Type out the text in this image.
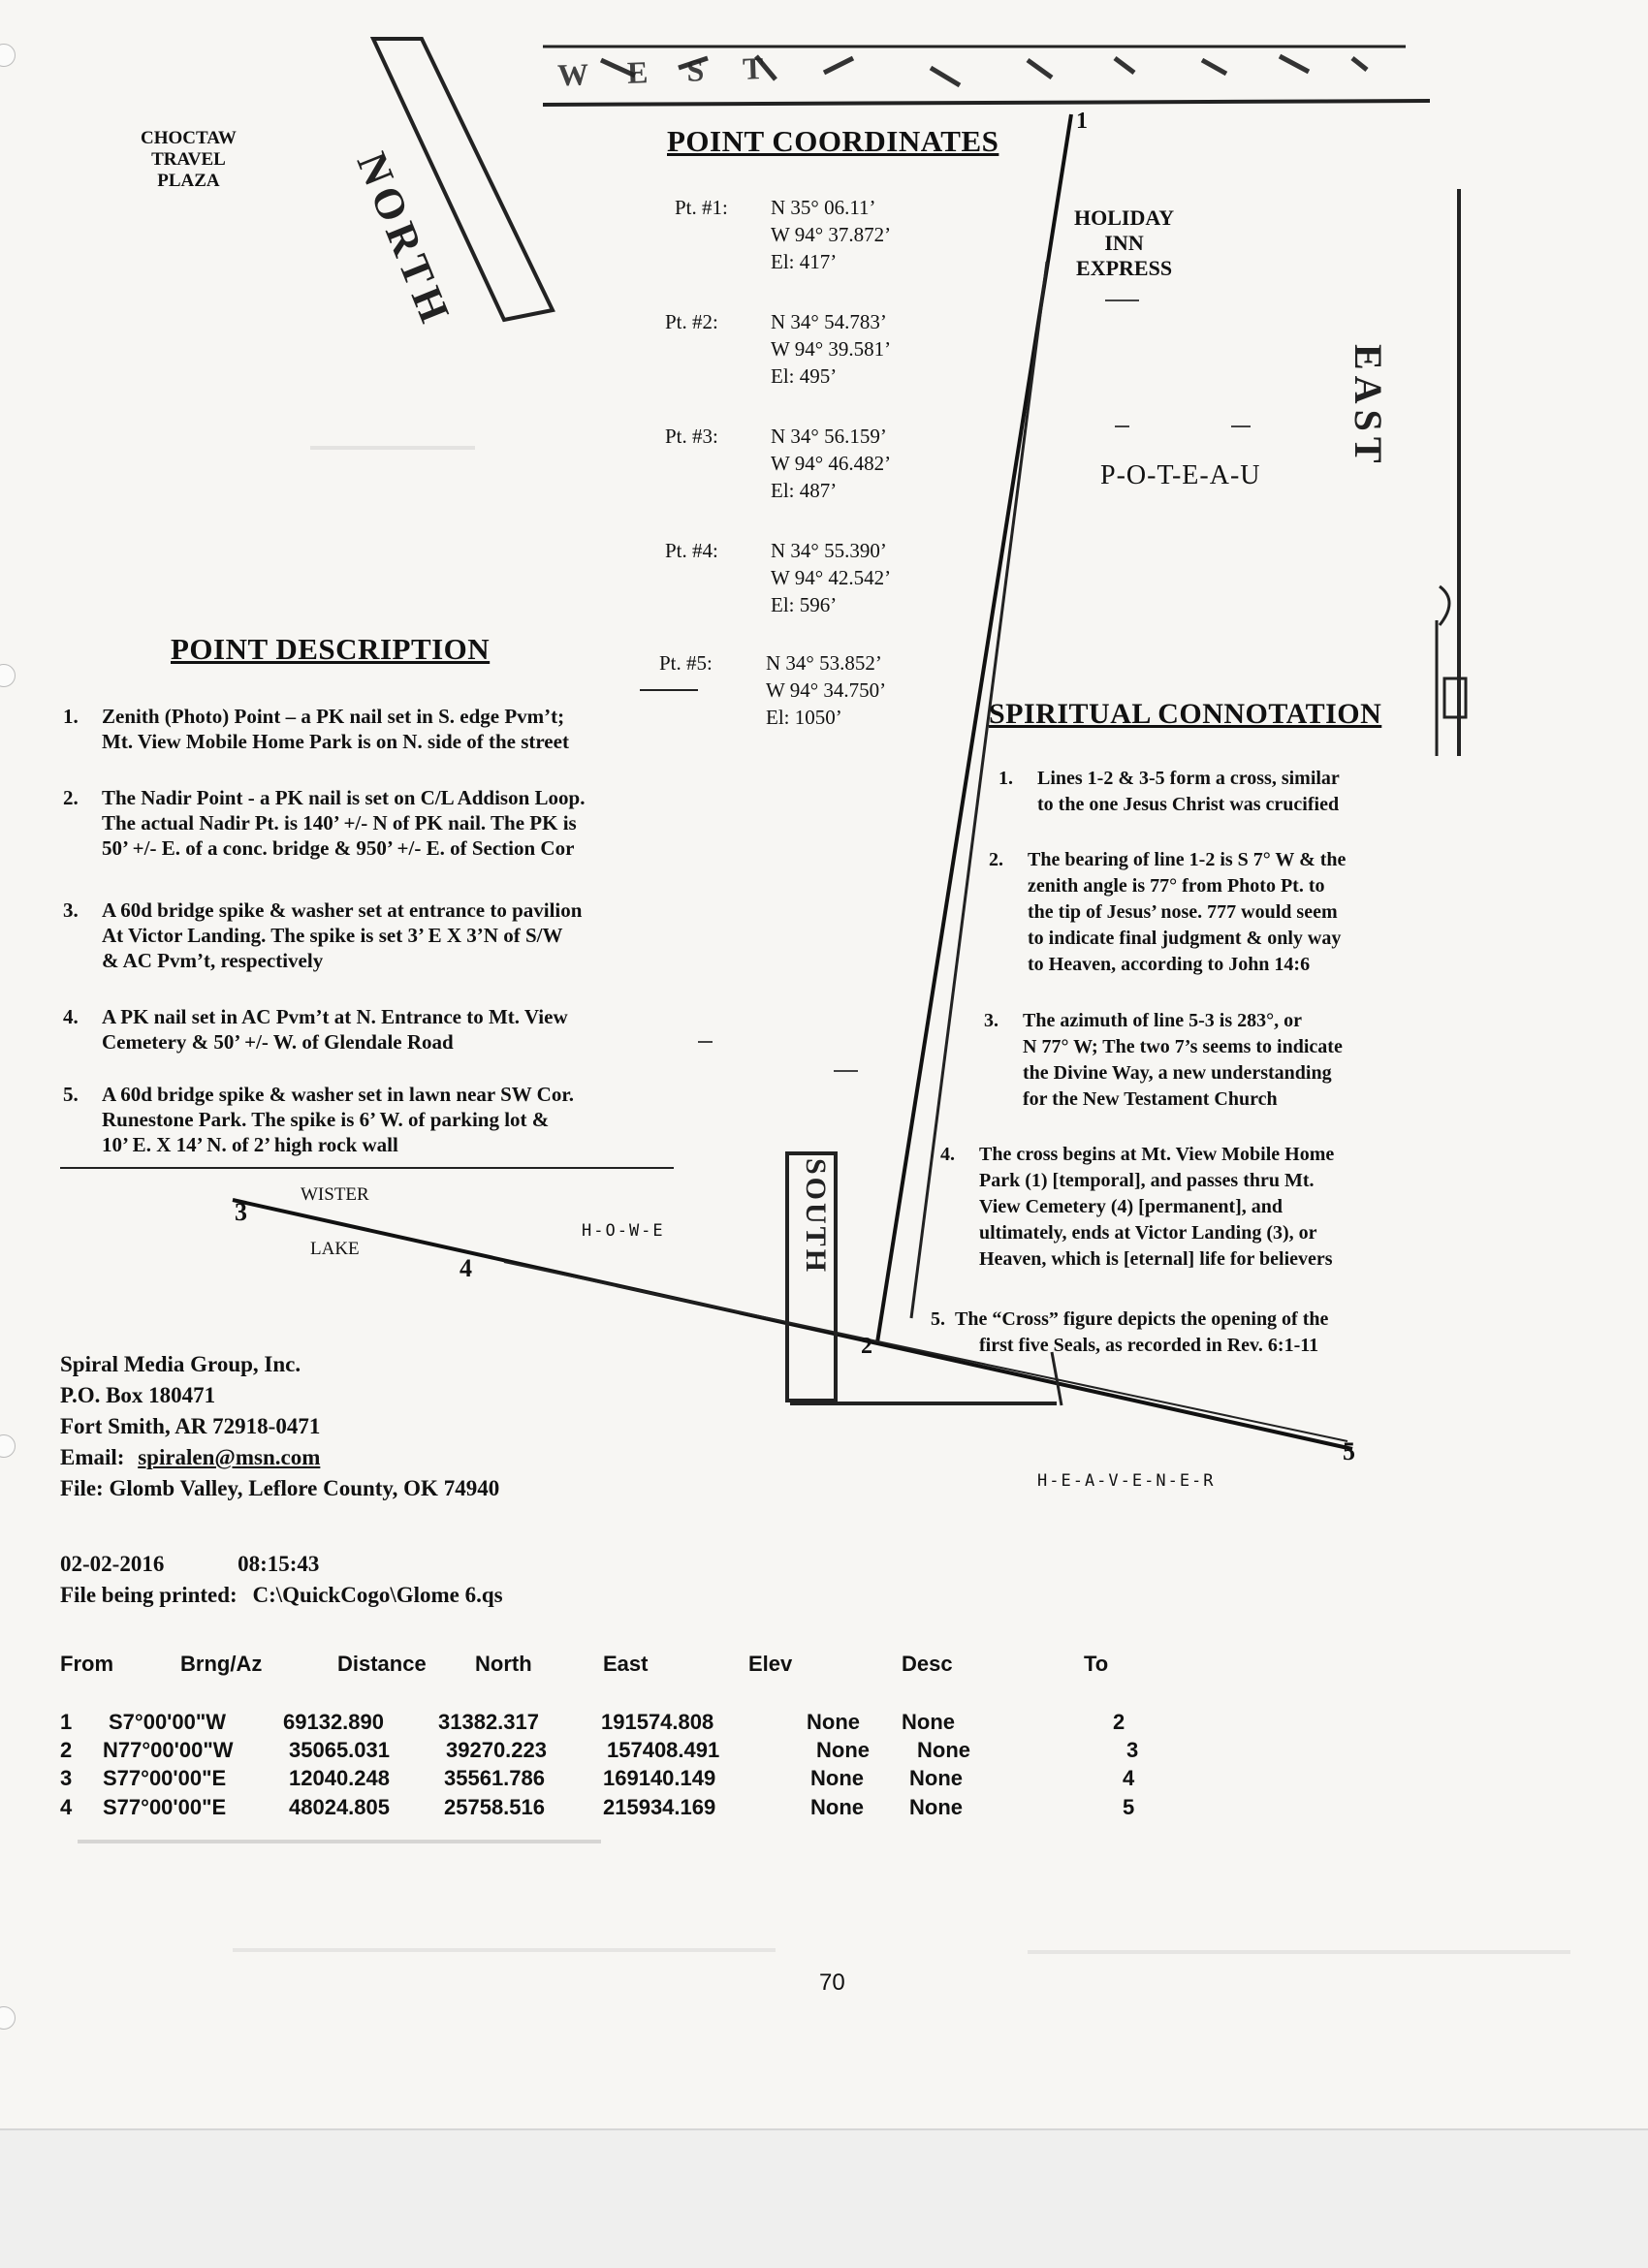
NORTH
EAST
SOUTH
WEST
CHOCTAW
TRAVEL
PLAZA
HOLIDAY
INN
EXPRESS
P-O-T-E-A-U
WISTER
LAKE
H-O-W-E
H-E-A-V-E-N-E-R
1
2
3
4
5
POINT COORDINATES
Pt. #1: N 35° 06.11’
W 94° 37.872’
El: 417’
Pt. #2:	N 34° 54.783’
W 94° 39.581’
El: 495’
Pt. #3:	N 34° 56.159’
W 94° 46.482’
El: 487’
Pt. #4:	N 34° 55.390’
W 94° 42.542’
El: 596’
Pt. #5:	N 34° 53.852’
W 94° 34.750’
El: 1050’
POINT DESCRIPTION
1. Zenith (Photo) Point – a PK nail set in S. edge Pvm’t;
Mt. View Mobile Home Park is on N. side of the street
2. The Nadir Point - a PK nail is set on C/L Addison Loop.
The actual Nadir Pt. is 140’ +/- N of PK nail. The PK is
50’ +/- E. of a conc. bridge & 950’ +/- E. of Section Cor
3. A 60d bridge spike & washer set at entrance to pavilion
At Victor Landing. The spike is set 3’ E X 3’N of S/W
& AC Pvm’t, respectively
4. A PK nail set in AC Pvm’t at N. Entrance to Mt. View
Cemetery & 50’ +/- W. of Glendale Road
5. A 60d bridge spike & washer set in lawn near SW Cor.
Runestone Park. The spike is 6’ W. of parking lot &
10’ E. X 14’ N. of 2’ high rock wall
SPIRITUAL CONNOTATION
1. Lines 1-2 & 3-5 form a cross, similar
to the one Jesus Christ was crucified
2. The bearing of line 1-2 is S 7° W & the
zenith angle is 77° from Photo Pt. to
the tip of Jesus’ nose. 777 would seem
to indicate final judgment & only way
to Heaven, according to John 14:6
3. The azimuth of line 5-3 is 283°, or
N 77° W; The two 7’s seems to indicate
the Divine Way, a new understanding
for the New Testament Church
4. The cross begins at Mt. View Mobile Home
Park (1) [temporal], and passes thru Mt.
View Cemetery (4) [permanent], and
ultimately, ends at Victor Landing (3), or
Heaven, which is [eternal] life for believers
5. The “Cross” figure depicts the opening of the
first five Seals, as recorded in Rev. 6:1-11
Spiral Media Group, Inc.
P.O. Box 180471
Fort Smith, AR 72918-0471
Email: spiralen@msn.com
File: Glomb Valley, Leflore County, OK 74940
02-02-2016	08:15:43
File being printed: C:\QuickCogo\Glome 6.qs
From	Brng/Az	Distance North	East	Elev	Desc	To
1 S7°00'00"W	69132.890	31382.317	191574.808	None None	2
2 N77°00'00"W	35065.031	39270.223	157408.491	None None	3
3 S77°00'00"E	12040.248	35561.786	169140.149	None None	4
4 S77°00'00"E	48024.805	25758.516	215934.169	None None	5
70
